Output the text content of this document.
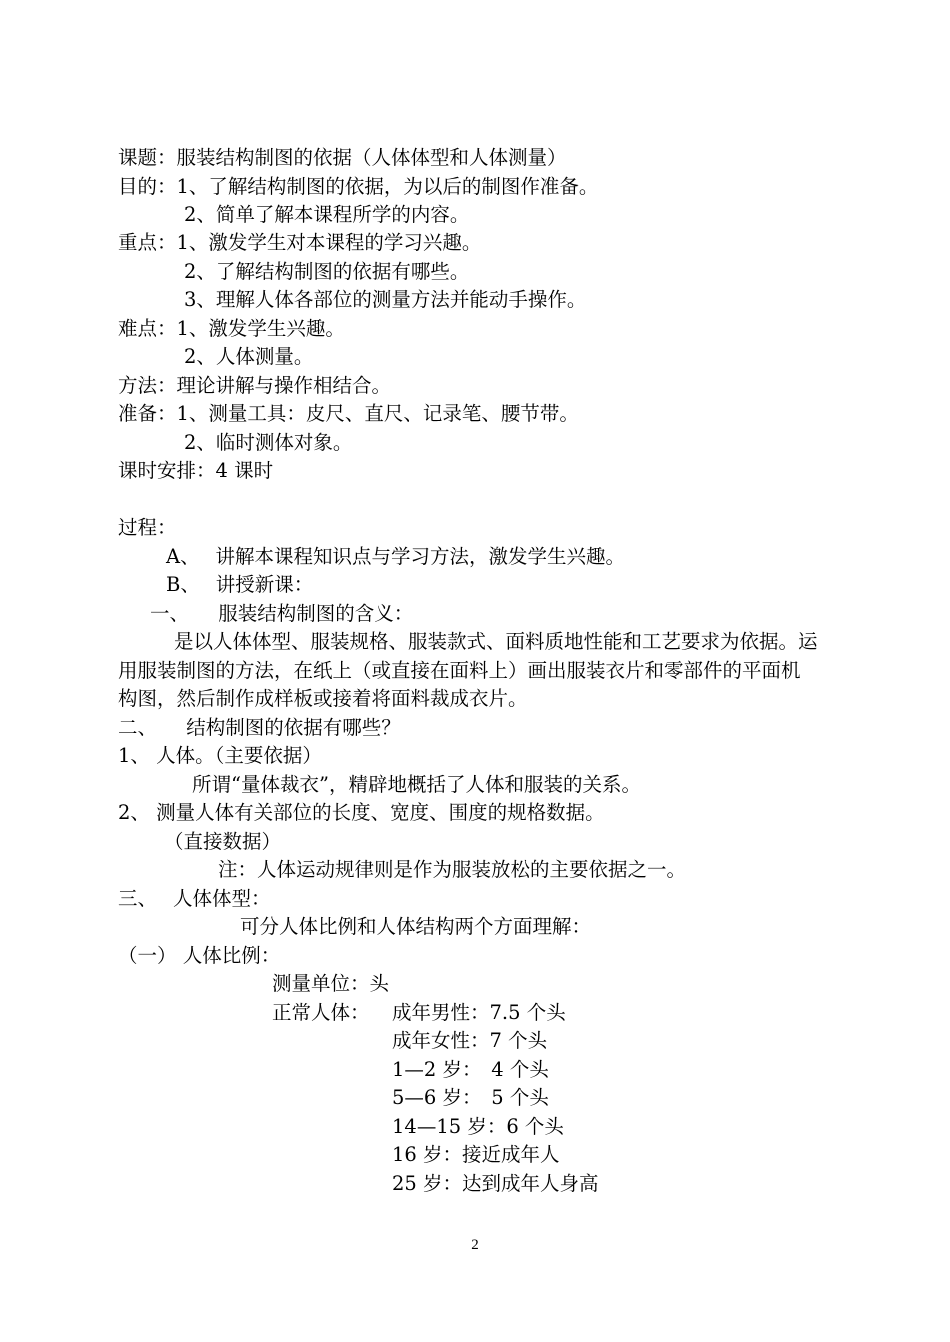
课题：服装结构制图的依据（人体体型和人体测量）
目的：1、了解结构制图的依据，为以后的制图作准备。
2、简单了解本课程所学的内容。
重点：1、激发学生对本课程的学习兴趣。
2、了解结构制图的依据有哪些。
3、理解人体各部位的测量方法并能动手操作。
难点：1、激发学生兴趣。
2、人体测量。
方法：理论讲解与操作相结合。
准备：1、测量工具：皮尺、直尺、记录笔、腰节带。
2、临时测体对象。
课时安排：4 课时
过程：
A、　 讲解本课程知识点与学习方法，激发学生兴趣。
B、　 讲授新课：
一、　　服装结构制图的含义：
是以人体体型、服装规格、服装款式、面料质地性能和工艺要求为依据。运
用服装制图的方法，在纸上（或直接在面料上）画出服装衣片和零部件的平面机
构图，然后制作成样板或接着将面料裁成衣片。
二、　　结构制图的依据有哪些？
1、 人体。（主要依据）
所谓“量体裁衣”，精辟地概括了人体和服装的关系。
2、 测量人体有关部位的长度、宽度、围度的规格数据。
（直接数据）
注：人体运动规律则是作为服装放松的主要依据之一。
三、　 人体体型：
可分人体比例和人体结构两个方面理解：
（一） 人体比例：
测量单位：头
正常人体： 成年男性：7.5 个头
成年女性：7 个头
1—2 岁：　4 个头
5—6 岁：　5 个头
14—15 岁：6 个头
16 岁：接近成年人
25 岁：达到成年人身高
2
